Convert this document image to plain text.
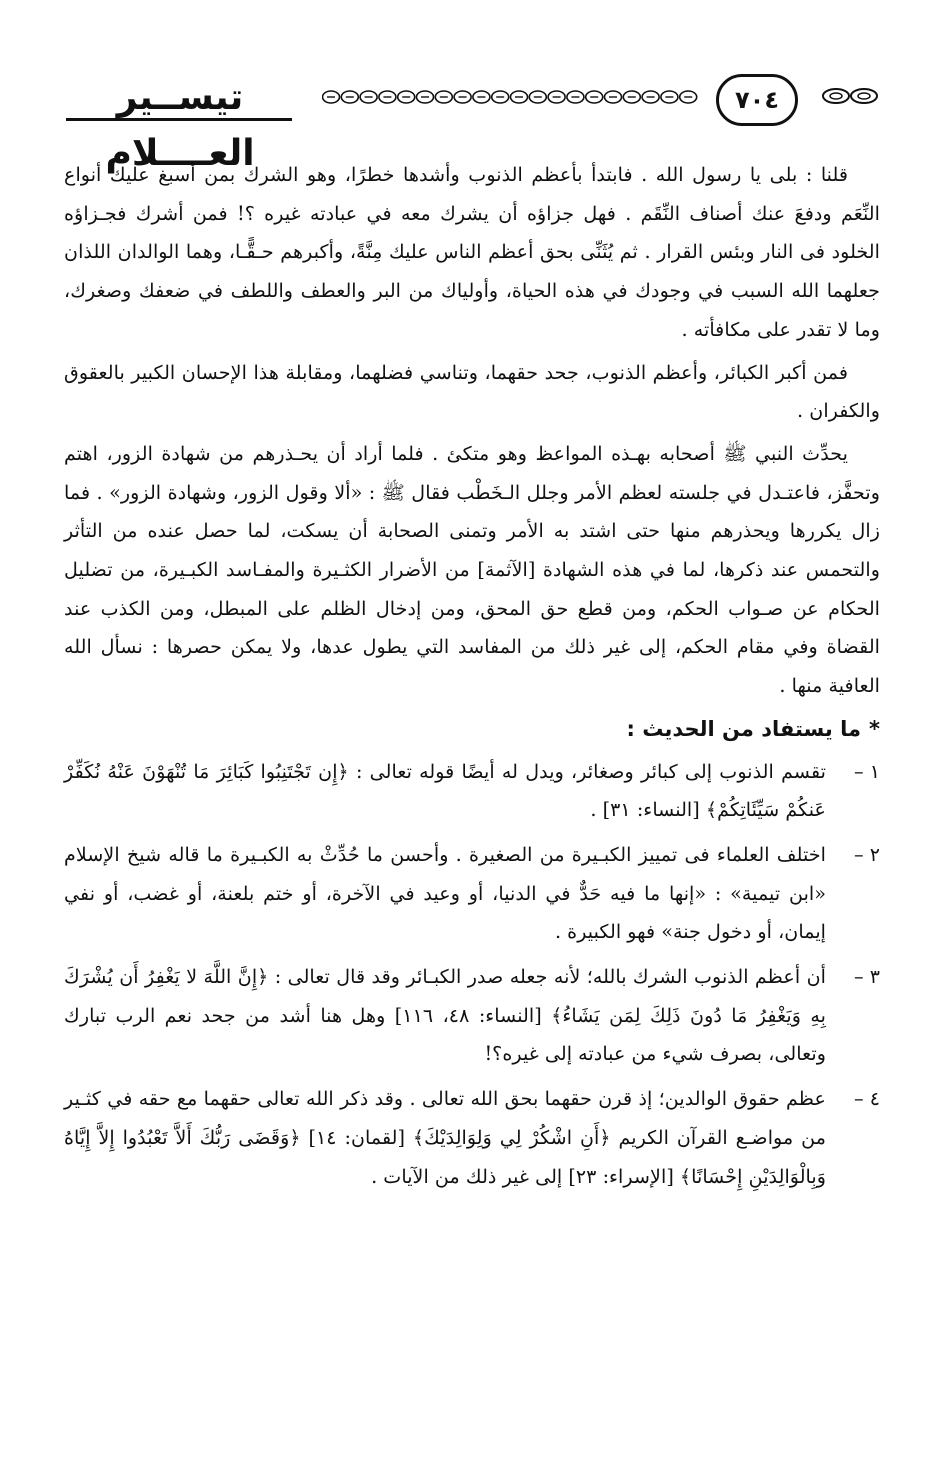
٧٠٤
تيســير العــــلام

قلنا : بلى يا رسول الله . فابتدأ بأعظم الذنوب وأشدها خطرًا، وهو الشرك بمن أسبغ عليك أنواع النِّعَم ودفعَ عنك أصناف النِّقَم . فهل جزاؤه أن يشرك معه في عبادته غيره ؟! فمن أشرك فجـزاؤه الخلود فى النار وبئس القرار . ثم يُثَنِّى بحق أعظم الناس عليك مِنَّةً، وأكبرهم حـقًّـا، وهما الوالدان اللذان جعلهما الله السبب في وجودك في هذه الحياة، وأولياك من البر والعطف واللطف في ضعفك وصغرك، وما لا تقدر على مكافأته .

فمن أكبر الكبائر، وأعظم الذنوب، جحد حقهما، وتناسي فضلهما، ومقابلة هذا الإحسان الكبير بالعقوق والكفران .

يحدِّث النبي ﷺ أصحابه بهـذه المواعظ وهو متكئ . فلما أراد أن يحـذرهم من شهادة الزور، اهتم وتحفَّز، فاعتـدل في جلسته لعظم الأمر وجلل الـخَطْب فقال ﷺ : «ألا وقول الزور، وشهادة الزور» . فما زال يكررها ويحذرهم منها حتى اشتد به الأمر وتمنى الصحابة أن يسكت، لما حصل عنده من التأثر والتحمس عند ذكرها، لما في هذه الشهادة [الآثمة] من الأضرار الكثـيرة والمفـاسد الكبـيرة، من تضليل الحكام عن صـواب الحكم، ومن قطع حق المحق، ومن إدخال الظلم على المبطل، ومن الكذب عند القضاة وفي مقام الحكم، إلى غير ذلك من المفاسد التي يطول عدها، ولا يمكن حصرها : نسأل الله العافية منها .

*ما يستفاد من الحديث :
١ –
تقسم الذنوب إلى كبائر وصغائر، ويدل له أيضًا قوله تعالى : ﴿إِن تَجْتَنِبُوا كَبَائِرَ مَا تُنْهَوْنَ عَنْهُ نُكَفِّرْ عَنكُمْ سَيِّئَاتِكُمْ﴾ [النساء: ٣١] .
٢ –
اختلف العلماء فى تمييز الكبـيرة من الصغيرة . وأحسن ما حُدِّثْ به الكبـيرة ما قاله شيخ الإسلام «ابن تيمية» : «إنها ما فيه حَدٌّ في الدنيا، أو وعيد في الآخرة، أو ختم بلعنة، أو غضب، أو نفي إيمان، أو دخول جنة» فهو الكبيرة .
٣ –
أن أعظم الذنوب الشرك بالله؛ لأنه جعله صدر الكبـائر وقد قال تعالى : ﴿إِنَّ اللَّهَ لا يَغْفِرُ أَن يُشْرَكَ بِهِ وَيَغْفِرُ مَا دُونَ ذَلِكَ لِمَن يَشَاءُ﴾ [النساء: ٤٨، ١١٦] وهل هنا أشد من جحد نعم الرب تبارك وتعالى، بصرف شيء من عبادته إلى غيره؟!
٤ –
عظم حقوق الوالدين؛ إذ قرن حقهما بحق الله تعالى . وقد ذكر الله تعالى حقهما مع حقه في كثـير من مواضـع القرآن الكريم ﴿أَنِ اشْكُرْ لِي وَلِوَالِدَيْكَ﴾ [لقمان: ١٤] ﴿وَقَضَى رَبُّكَ أَلاَّ تَعْبُدُوا إِلاَّ إِيَّاهُ وَبِالْوَالِدَيْنِ إِحْسَانًا﴾ [الإسراء: ٢٣] إلى غير ذلك من الآيات .
